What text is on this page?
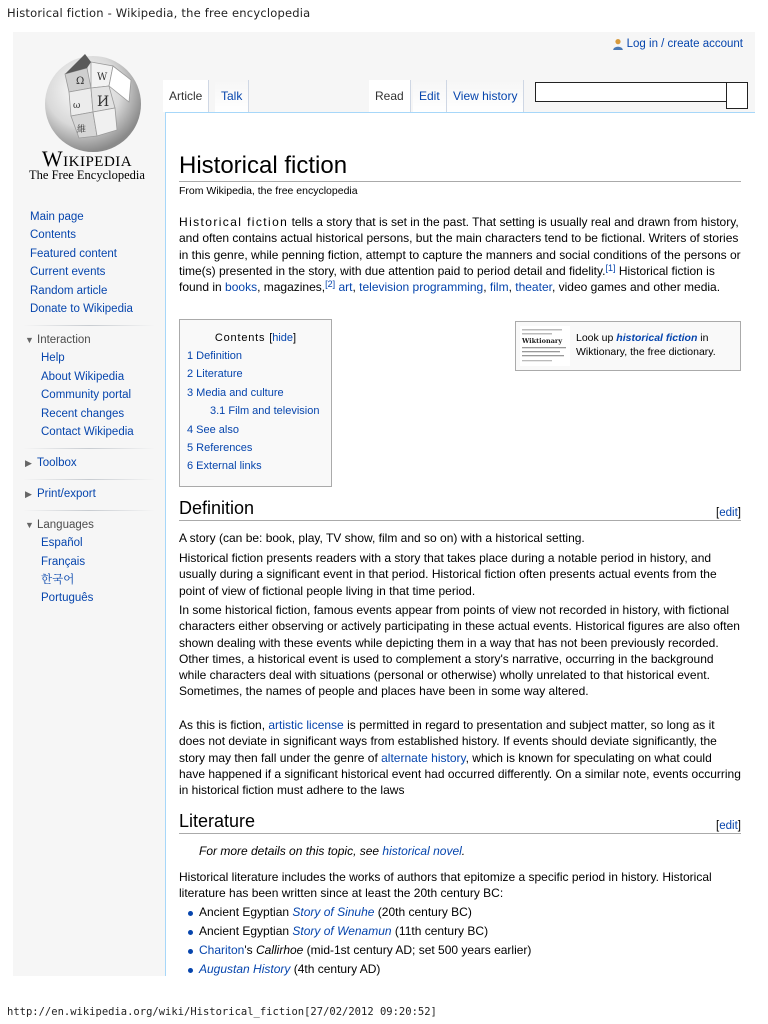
Historical fiction - Wikipedia, the free encyclopedia
Ω W
И
ω
維
Wikipedia
The Free Encyclopedia
Main page
Contents
Featured content
Current events
Random article
Donate to Wikipedia
▼ Interaction
Help
About Wikipedia
Community portal
Recent changes
Contact Wikipedia
▶ Toolbox
▶ Print/export
▼ Languages
Español
Français
한국어
Português
Log in / create account
Article	Talk	Read	Edit	View history
Historical fiction
From Wikipedia, the free encyclopedia

Historical fiction tells a story that is set in the past. That setting is usually real and drawn from history, and often contains actual historical persons, but the main characters tend to be fictional. Writers of stories in this genre, while penning fiction, attempt to capture the manners and social conditions of the persons or time(s) presented in the story, with due attention paid to period detail and fidelity.[1] Historical fiction is found in books, magazines,[2] art, television programming, film, theater, video games and other media.

Contents [hide]
1 Definition
2 Literature
3 Media and culture
3.1 Film and television
4 See also
5 References
6 External links
Wiktionary Look up historical fiction in
Wiktionary, the free dictionary.
Definition	[edit]

A story (can be: book, play, TV show, film and so on) with a historical setting.

Historical fiction presents readers with a story that takes place during a notable period in history, and usually during a significant event in that period. Historical fiction often presents actual events from the point of view of fictional people living in that time period.

In some historical fiction, famous events appear from points of view not recorded in history, with fictional characters either observing or actively participating in these actual events. Historical figures are also often shown dealing with these events while depicting them in a way that has not been previously recorded. Other times, a historical event is used to complement a story's narrative, occurring in the background while characters deal with situations (personal or otherwise) wholly unrelated to that historical event. Sometimes, the names of people and places have been in some way altered.

As this is fiction, artistic license is permitted in regard to presentation and subject matter, so long as it does not deviate in significant ways from established history. If events should deviate significantly, the story may then fall under the genre of alternate history, which is known for speculating on what could have happened if a significant historical event had occurred differently. On a similar note, events occurring in historical fiction must adhere to the laws

Literature	[edit]

For more details on this topic, see historical novel.

Historical literature includes the works of authors that epitomize a specific period in history. Historical literature has been written since at least the 20th century BC:

Ancient Egyptian Story of Sinuhe (20th century BC)
Ancient Egyptian Story of Wenamun (11th century BC)
Chariton's Callirhoe (mid-1st century AD; set 500 years earlier)
Augustan History (4th century AD)
http://en.wikipedia.org/wiki/Historical_fiction[27/02/2012 09:20:52]
